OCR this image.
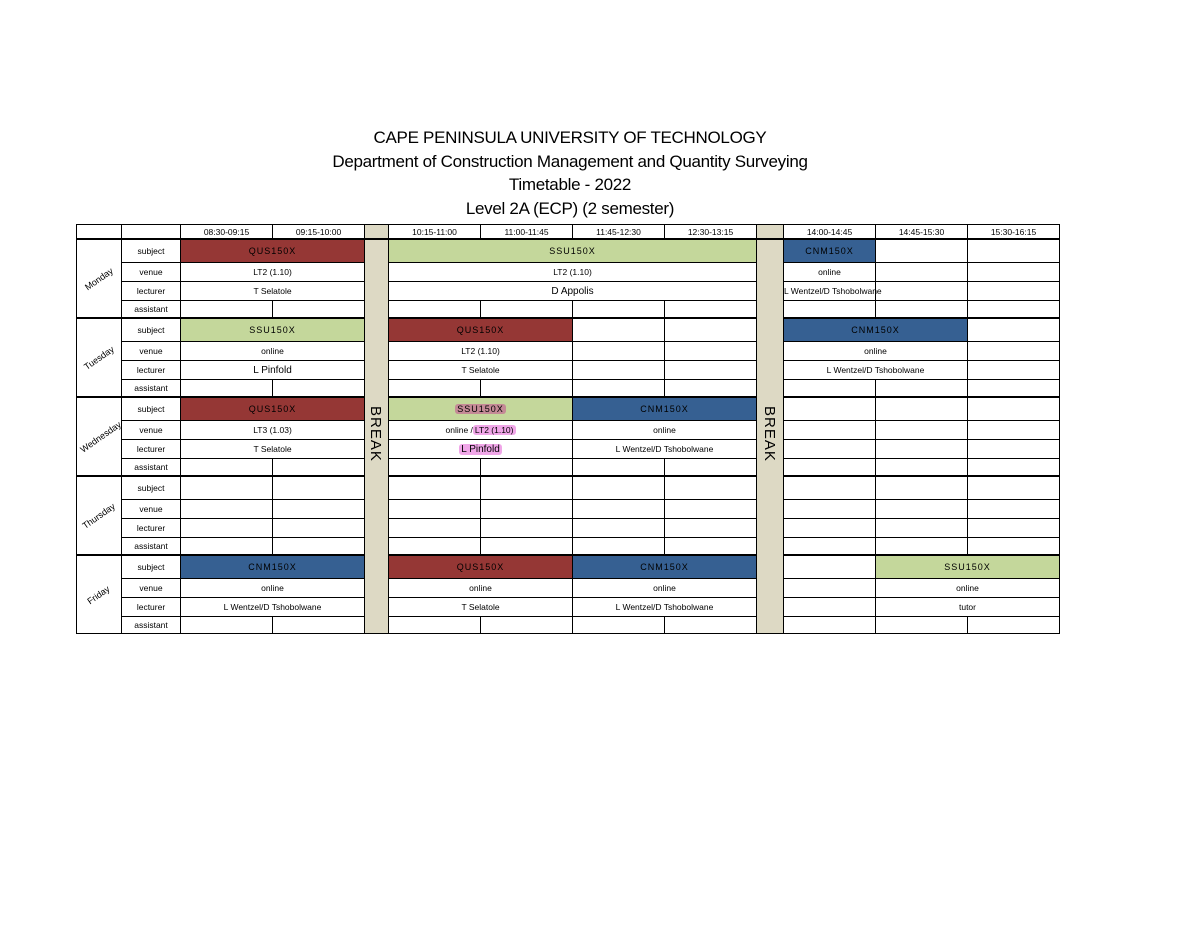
CAPE PENINSULA UNIVERSITY OF TECHNOLOGY
Department of Construction Management and Quantity Surveying
Timetable - 2022
Level 2A (ECP) (2 semester)
		08:30-09:15	09:15-10:00		10:15-11:00	11:00-11:45	11:45-12:30	12:30-13:15		14:00-14:45	14:45-15:30	15:30-16:15
Monday	subject	QUS150X			SSU150X					CNM150X		
	venue	LT2 (1.10)			LT2 (1.10)					online		
	lecturer	T Selatole			D Appolis					L Wentzel/D Tshobolwane		
	assistant											
Tuesday	subject	SSU150X			QUS150X					CNM150X		
	venue	online			LT2 (1.10)					online		
	lecturer	L Pinfold			T Selatole					L Wentzel/D Tshobolwane		
	assistant											
Wednesday	subject	QUS150X			SSU150X		CNM150X					
	venue	LT3 (1.03)			online / LT2 (1.10)		online					
	lecturer	T Selatole			L Pinfold		L Wentzel/D Tshobolwane					
	assistant											
Thursday	subject											
	venue											
	lecturer											
	assistant											
Friday	subject	CNM150X			QUS150X		CNM150X				SSU150X	
	venue	online			online		online				online	
	lecturer	L Wentzel/D Tshobolwane			T Selatole		L Wentzel/D Tshobolwane				tutor	
	assistant											
BREAK	BREAK
